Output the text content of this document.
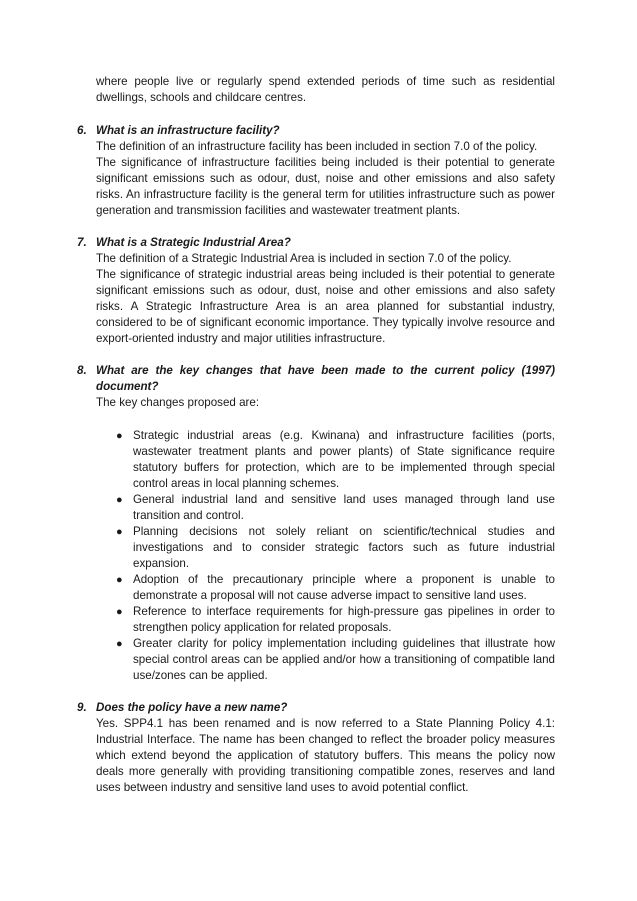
where people live or regularly spend extended periods of time such as residential dwellings, schools and childcare centres.

6. What is an infrastructure facility?

The definition of an infrastructure facility has been included in section 7.0 of the policy.

The significance of infrastructure facilities being included is their potential to generate significant emissions such as odour, dust, noise and other emissions and also safety risks. An infrastructure facility is the general term for utilities infrastructure such as power generation and transmission facilities and wastewater treatment plants.

7. What is a Strategic Industrial Area?

The definition of a Strategic Industrial Area is included in section 7.0 of the policy.

The significance of strategic industrial areas being included is their potential to generate significant emissions such as odour, dust, noise and other emissions and also safety risks. A Strategic Infrastructure Area is an area planned for substantial industry, considered to be of significant economic importance. They typically involve resource and export-oriented industry and major utilities infrastructure.

8. What are the key changes that have been made to the current policy (1997) document?

The key changes proposed are:

● Strategic industrial areas (e.g. Kwinana) and infrastructure facilities (ports, wastewater treatment plants and power plants) of State significance require statutory buffers for protection, which are to be implemented through special control areas in local planning schemes.
● General industrial land and sensitive land uses managed through land use transition and control.
● Planning decisions not solely reliant on scientific/technical studies and investigations and to consider strategic factors such as future industrial expansion.
● Adoption of the precautionary principle where a proponent is unable to demonstrate a proposal will not cause adverse impact to sensitive land uses.
● Reference to interface requirements for high-pressure gas pipelines in order to strengthen policy application for related proposals.
● Greater clarity for policy implementation including guidelines that illustrate how special control areas can be applied and/or how a transitioning of compatible land use/zones can be applied.
9. Does the policy have a new name?

Yes. SPP4.1 has been renamed and is now referred to a State Planning Policy 4.1: Industrial Interface. The name has been changed to reflect the broader policy measures which extend beyond the application of statutory buffers. This means the policy now deals more generally with providing transitioning compatible zones, reserves and land uses between industry and sensitive land uses to avoid potential conflict.
